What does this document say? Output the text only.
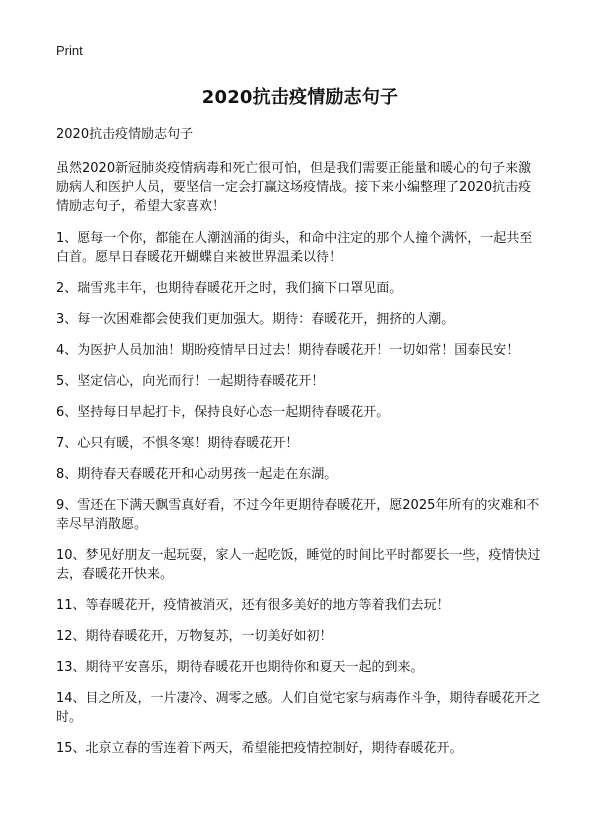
Print
2020抗击疫情励志句子
2020抗击疫情励志句子
虽然2020新冠肺炎疫情病毒和死亡很可怕，但是我们需要正能量和暖心的句子来激励病人和医护人员，要坚信一定会打赢这场疫情战。接下来小编整理了2020抗击疫情励志句子，希望大家喜欢！
1、愿每一个你，都能在人潮汹涌的街头，和命中注定的那个人撞个满怀，一起共至白首。愿早日春暖花开蝴蝶自来被世界温柔以待！
2、瑞雪兆丰年，也期待春暖花开之时，我们摘下口罩见面。
3、每一次困难都会使我们更加强大。期待：春暖花开，拥挤的人潮。
4、为医护人员加油！期盼疫情早日过去！期待春暖花开！一切如常！国泰民安！
5、坚定信心，向光而行！一起期待春暖花开！
6、坚持每日早起打卡，保持良好心态一起期待春暖花开。
7、心只有暖，不惧冬寒！期待春暖花开！
8、期待春天春暖花开和心动男孩一起走在东湖。
9、雪还在下满天飘雪真好看，不过今年更期待春暖花开，愿2025年所有的灾难和不幸尽早消散愿。
10、梦见好朋友一起玩耍，家人一起吃饭，睡觉的时间比平时都要长一些，疫情快过去，春暖花开快来。
11、等春暖花开，疫情被消灭，还有很多美好的地方等着我们去玩！
12、期待春暖花开，万物复苏，一切美好如初！
13、期待平安喜乐，期待春暖花开也期待你和夏天一起的到来。
14、目之所及，一片凄冷、凋零之感。人们自觉宅家与病毒作斗争，期待春暖花开之时。
15、北京立春的雪连着下两天，希望能把疫情控制好，期待春暖花开。
